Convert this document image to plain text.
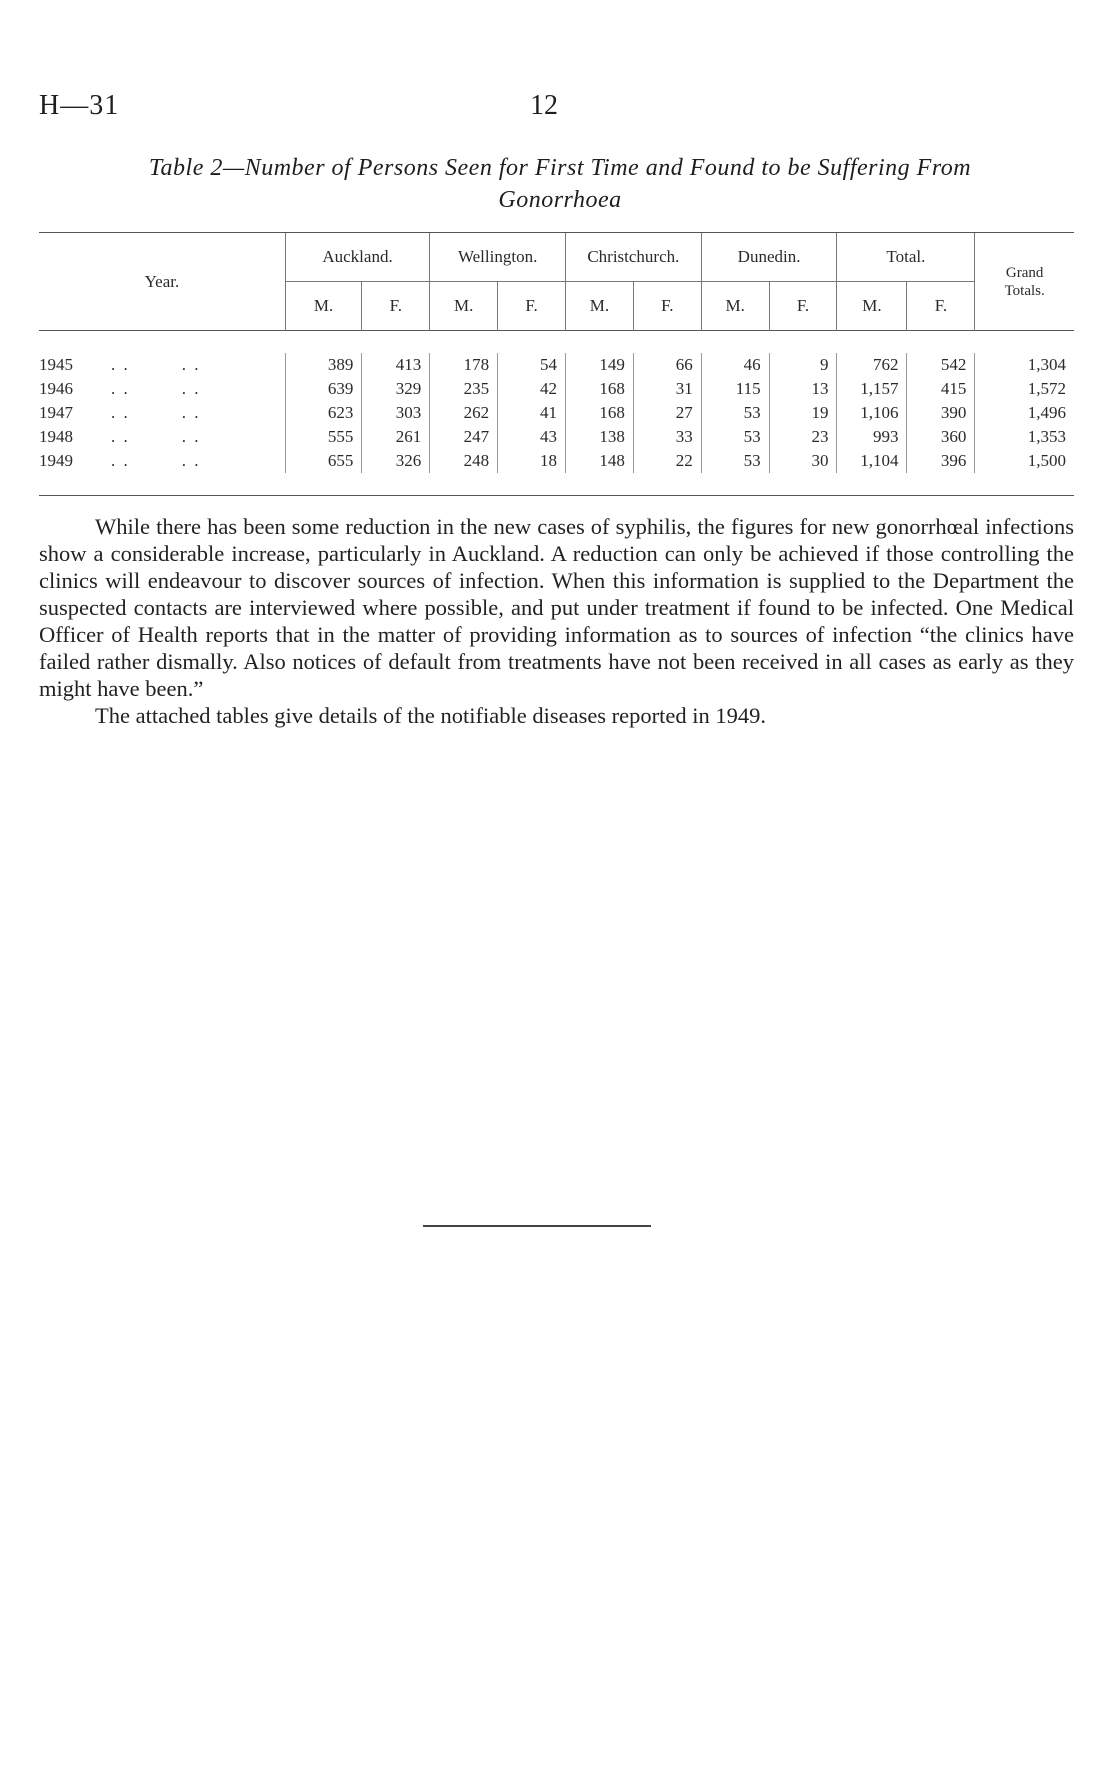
H—31	12
Table 2—Number of Persons Seen for First Time and Found to be Suffering From
Gonorrhoea

Year.	Auckland.		Wellington.		Christchurch.		Dunedin.		Total.		Grand
Totals.

	M.	F.	M.	F.	M.	F.	M.	F.	M.	F.	

1945 . . . .	389	413	178	54	149	66	46	9	762	542	1,304
1946 . . . .	639	329	235	42	168	31	115	13	1,157	415	1,572
1947 . . . .	623	303	262	41	168	27	53	19	1,106	390	1,496
1948 . . . .	555	261	247	43	138	33	53	23	993	360	1,353
1949 . . . .	655	326	248	18	148	22	53	30	1,104	396	1,500

While there has been some reduction in the new cases of syphilis, the figures for new gonorrhœal infections show a considerable increase, particularly in Auckland. A reduction can only be achieved if those controlling the clinics will endeavour to discover sources of infection. When this information is supplied to the Department the suspected contacts are interviewed where possible, and put under treatment if found to be infected. One Medical Officer of Health reports that in the matter of providing information as to sources of infection “the clinics have failed rather dismally. Also notices of default from treatments have not been received in all cases as early as they might have been.”

The attached tables give details of the notifiable diseases reported in 1949.
